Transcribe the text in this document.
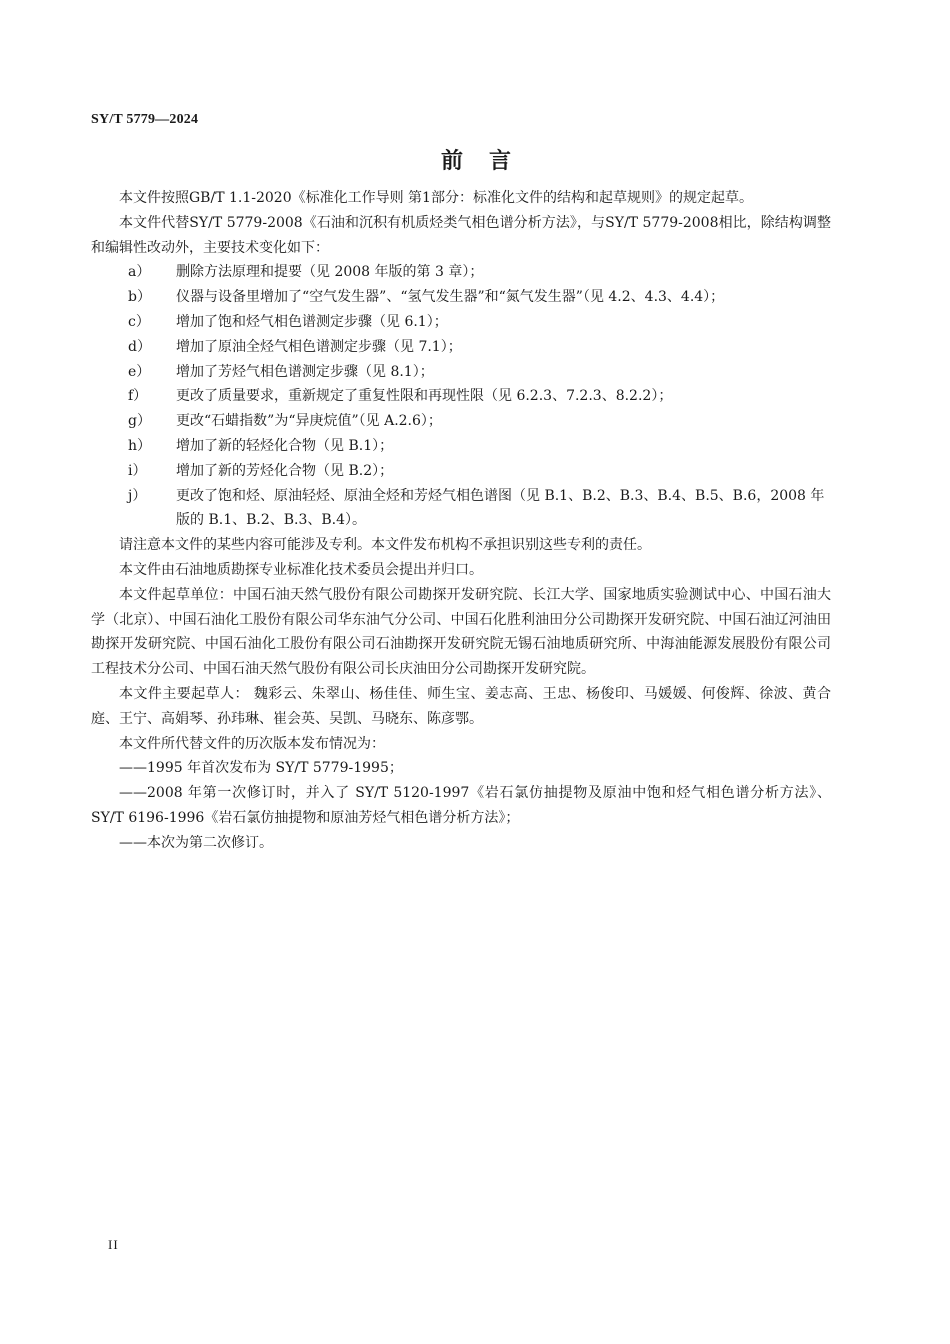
SY/T 5779—2024
前言

本文件按照GB/T 1.1-2020《标准化工作导则 第1部分：标准化文件的结构和起草规则》的规定起草。

本文件代替SY/T 5779-2008《石油和沉积有机质烃类气相色谱分析方法》，与SY/T 5779-2008相比，除结构调整和编辑性改动外，主要技术变化如下：

a）	删除方法原理和提要（见 2008 年版的第 3 章）；
b）	仪器与设备里增加了“空气发生器”、“氢气发生器”和“氮气发生器”（见 4.2、4.3、4.4）；
c）	增加了饱和烃气相色谱测定步骤（见 6.1）；
d）	增加了原油全烃气相色谱测定步骤（见 7.1）；
e）	增加了芳烃气相色谱测定步骤（见 8.1）；
f）	更改了质量要求，重新规定了重复性限和再现性限（见 6.2.3、7.2.3、8.2.2）；
g）	更改“石蜡指数”为“异庚烷值”（见 A.2.6）；
h）	增加了新的轻烃化合物（见 B.1）；
i）	增加了新的芳烃化合物（见 B.2）；
j）	更改了饱和烃、原油轻烃、原油全烃和芳烃气相色谱图（见 B.1、B.2、B.3、B.4、B.5、B.6，2008 年版的 B.1、B.2、B.3、B.4）。

请注意本文件的某些内容可能涉及专利。本文件发布机构不承担识别这些专利的责任。

本文件由石油地质勘探专业标准化技术委员会提出并归口。

本文件起草单位：中国石油天然气股份有限公司勘探开发研究院、长江大学、国家地质实验测试中心、中国石油大学（北京）、中国石油化工股份有限公司华东油气分公司、中国石化胜利油田分公司勘探开发研究院、中国石油辽河油田勘探开发研究院、中国石油化工股份有限公司石油勘探开发研究院无锡石油地质研究所、中海油能源发展股份有限公司工程技术分公司、中国石油天然气股份有限公司长庆油田分公司勘探开发研究院。

本文件主要起草人： 魏彩云、朱翠山、杨佳佳、师生宝、姜志高、王忠、杨俊印、马媛媛、何俊辉、徐波、黄合庭、王宁、高娟琴、孙玮琳、崔会英、吴凯、马晓东、陈彦鄂。

本文件所代替文件的历次版本发布情况为：

——1995 年首次发布为 SY/T 5779-1995；

——2008 年第一次修订时，并入了 SY/T 5120-1997《岩石氯仿抽提物及原油中饱和烃气相色谱分析方法》、SY/T 6196-1996《岩石氯仿抽提物和原油芳烃气相色谱分析方法》；

——本次为第二次修订。

II
